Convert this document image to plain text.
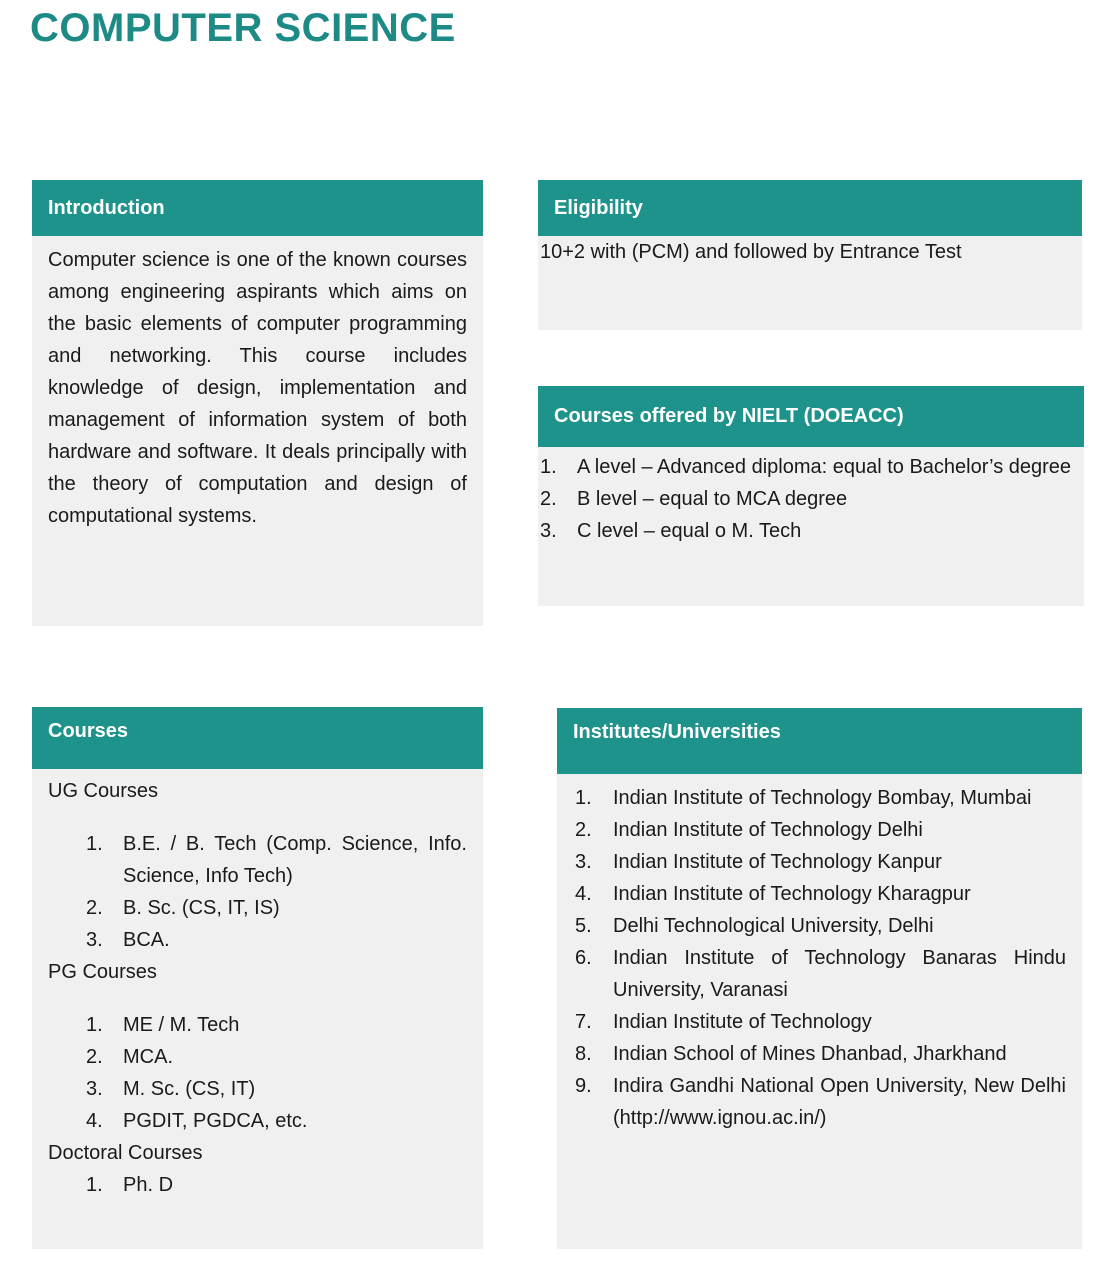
COMPUTER SCIENCE
Introduction

Computer science is one of the known courses among engineering aspirants which aims on the basic elements of computer programming and networking. This course includes knowledge of design, implementation and management of information system of both hardware and software. It deals principally with the theory of computation and design of computational systems.

Eligibility

10+2 with (PCM) and followed by Entrance Test

Courses offered by NIELT (DOEACC)
1. A level – Advanced diploma: equal to Bachelor’s degree
2. B level – equal to MCA degree
3. C level – equal o M. Tech
Courses
UG Courses
1. B.E. / B. Tech (Comp. Science, Info. Science, Info Tech)
2. B. Sc. (CS, IT, IS)
3. BCA.
PG Courses
1. ME / M. Tech
2. MCA.
3. M. Sc. (CS, IT)
4. PGDIT, PGDCA, etc.
Doctoral Courses
1. Ph. D
Institutes/Universities
1. Indian Institute of Technology Bombay, Mumbai
2. Indian Institute of Technology Delhi
3. Indian Institute of Technology Kanpur
4. Indian Institute of Technology Kharagpur
5. Delhi Technological University, Delhi
6. Indian Institute of Technology Banaras Hindu University, Varanasi
7. Indian Institute of Technology
8. Indian School of Mines Dhanbad, Jharkhand
9. Indira Gandhi National Open University, New Delhi (http://www.ignou.ac.in/)
